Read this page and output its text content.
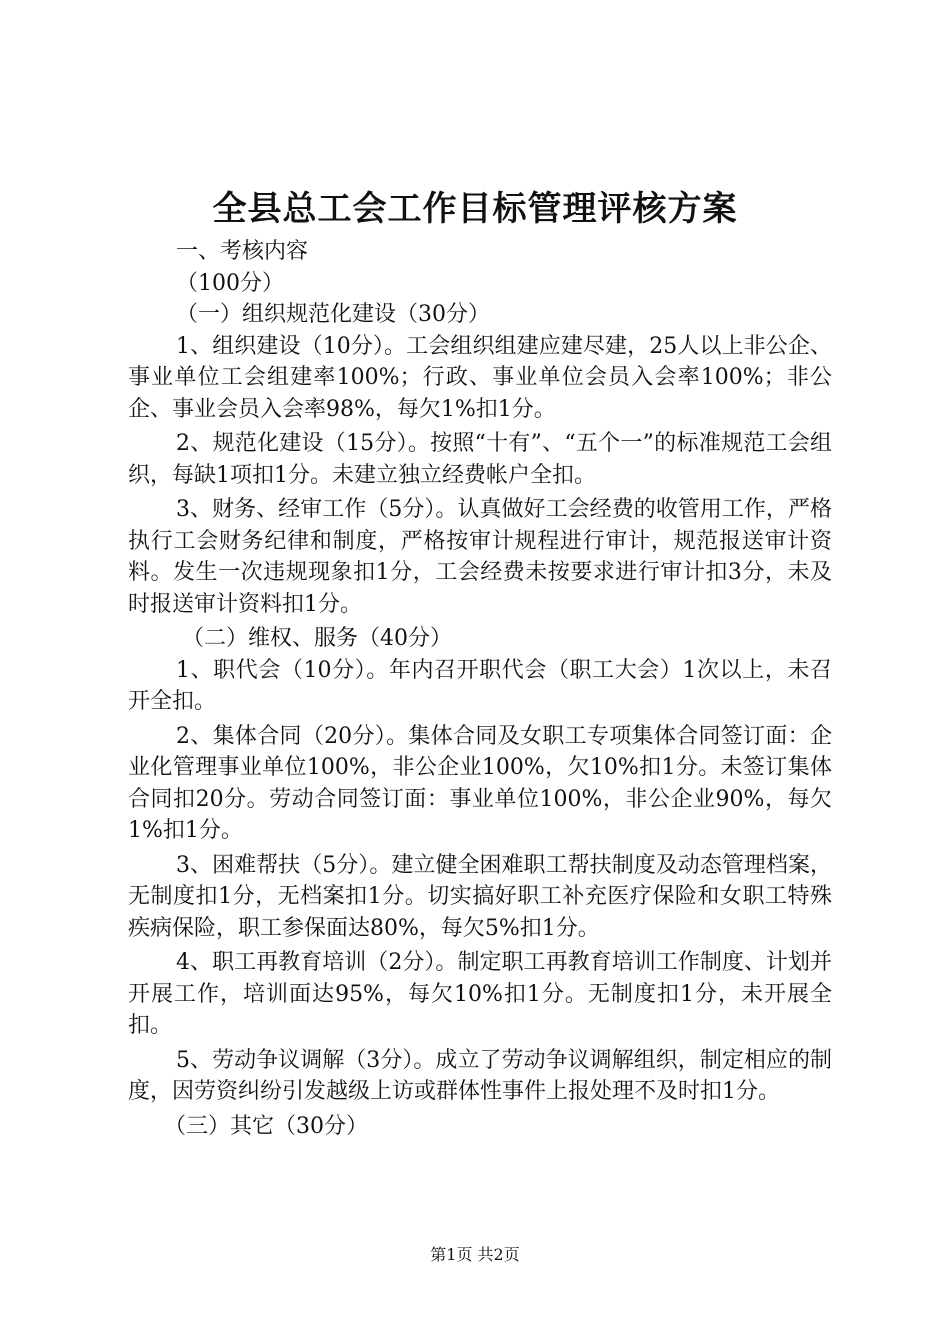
全县总工会工作目标管理评核方案
一、考核内容
（100分）
（一）组织规范化建设（30分）
1、组织建设（10分）。工会组织组建应建尽建，25人以上非公企、事业单位工会组建率100%；行政、事业单位会员入会率100%；非公企、事业会员入会率98%，每欠1%扣1分。
2、规范化建设（15分）。按照“十有”、“五个一”的标准规范工会组织，每缺1项扣1分。未建立独立经费帐户全扣。
3、财务、经审工作（5分）。认真做好工会经费的收管用工作，严格执行工会财务纪律和制度，严格按审计规程进行审计，规范报送审计资料。发生一次违规现象扣1分，工会经费未按要求进行审计扣3分，未及时报送审计资料扣1分。
（二）维权、服务（40分）
1、职代会（10分）。年内召开职代会（职工大会）1次以上，未召开全扣。
2、集体合同（20分）。集体合同及女职工专项集体合同签订面：企业化管理事业单位100%，非公企业100%，欠10%扣1分。未签订集体合同扣20分。劳动合同签订面：事业单位100%，非公企业90%，每欠1%扣1分。
3、困难帮扶（5分）。建立健全困难职工帮扶制度及动态管理档案，无制度扣1分，无档案扣1分。切实搞好职工补充医疗保险和女职工特殊疾病保险，职工参保面达80%，每欠5%扣1分。
4、职工再教育培训（2分）。制定职工再教育培训工作制度、计划并开展工作，培训面达95%，每欠10%扣1分。无制度扣1分，未开展全扣。
5、劳动争议调解（3分）。成立了劳动争议调解组织，制定相应的制度，因劳资纠纷引发越级上访或群体性事件上报处理不及时扣1分。
（三）其它（30分）
第1页 共2页
